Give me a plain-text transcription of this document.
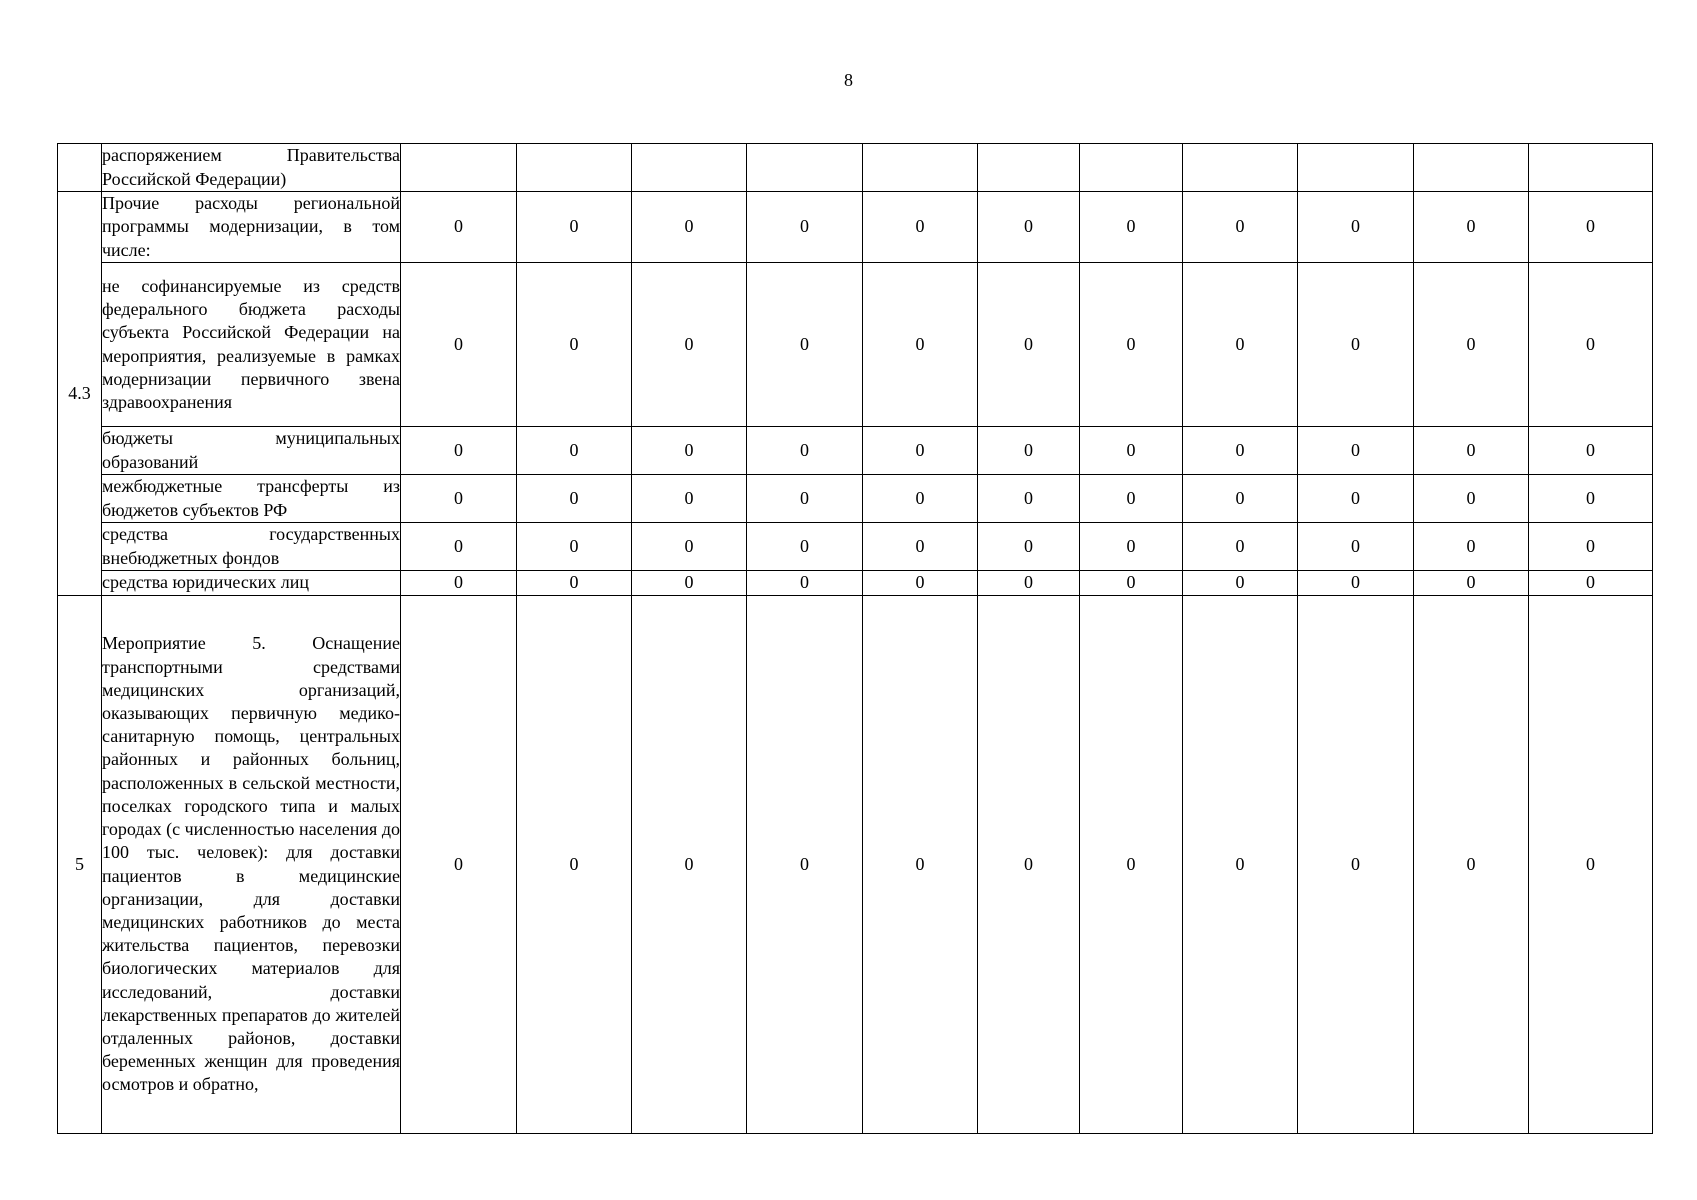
8
	распоряжением Правительства Российской Федерации)											
4.3	Прочие расходы региональной программы модернизации, в том числе:	0	0	0	0	0	0	0	0	0	0	0
	не софинансируемые из средств федерального бюджета расходы субъекта Российской Федерации на мероприятия, реализуемые в рамках модернизации первичного звена здравоохранения	0	0	0	0	0	0	0	0	0	0	0
	бюджеты муниципальных образований	0	0	0	0	0	0	0	0	0	0	0
	межбюджетные трансферты из бюджетов субъектов РФ	0	0	0	0	0	0	0	0	0	0	0
	средства государственных внебюджетных фондов	0	0	0	0	0	0	0	0	0	0	0
	средства юридических лиц	0	0	0	0	0	0	0	0	0	0	0
5	Мероприятие 5. Оснащение транспортными средствами медицинских организаций, оказывающих первичную медико-санитарную помощь, центральных районных и районных больниц, расположенных в сельской местности, поселках городского типа и малых городах (с численностью населения до 100 тыс. человек): для доставки пациентов в медицинские организации, для доставки медицинских работников до места жительства пациентов, перевозки биологических материалов для исследований, доставки лекарственных препаратов до жителей отдаленных районов, доставки беременных женщин для проведения осмотров и обратно,	0	0	0	0	0	0	0	0	0	0	0
